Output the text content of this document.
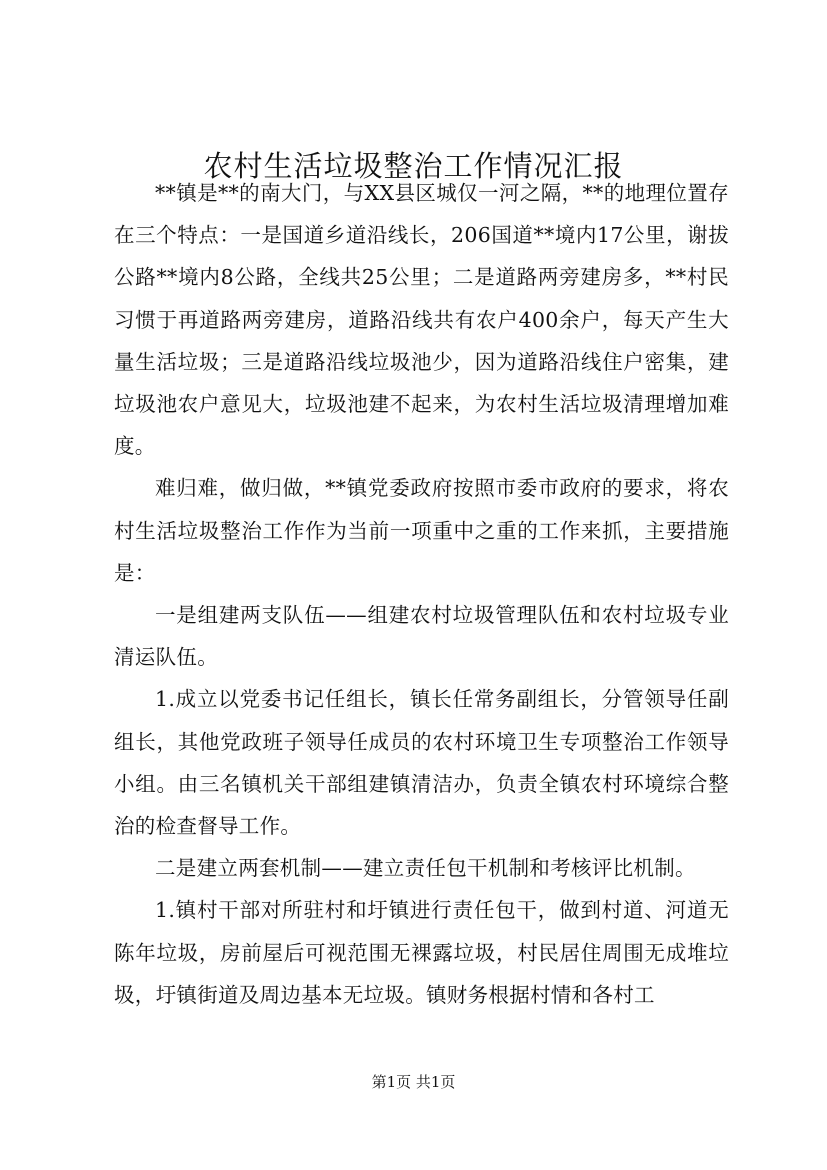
农村生活垃圾整治工作情况汇报

**镇是**的南大门，与XX县区城仅一河之隔，**的地理位置存在三个特点：一是国道乡道沿线长，206国道**境内17公里，谢拔公路**境内8公路，全线共25公里；二是道路两旁建房多，**村民习惯于再道路两旁建房，道路沿线共有农户400余户，每天产生大量生活垃圾；三是道路沿线垃圾池少，因为道路沿线住户密集，建垃圾池农户意见大，垃圾池建不起来，为农村生活垃圾清理增加难度。

难归难，做归做，**镇党委政府按照市委市政府的要求，将农村生活垃圾整治工作作为当前一项重中之重的工作来抓，主要措施是：

一是组建两支队伍——组建农村垃圾管理队伍和农村垃圾专业清运队伍。

1.成立以党委书记任组长，镇长任常务副组长，分管领导任副组长，其他党政班子领导任成员的农村环境卫生专项整治工作领导小组。由三名镇机关干部组建镇清洁办，负责全镇农村环境综合整治的检查督导工作。

二是建立两套机制——建立责任包干机制和考核评比机制。

1.镇村干部对所驻村和圩镇进行责任包干，做到村道、河道无陈年垃圾，房前屋后可视范围无裸露垃圾，村民居住周围无成堆垃圾，圩镇街道及周边基本无垃圾。镇财务根据村情和各村工

第1页 共1页
